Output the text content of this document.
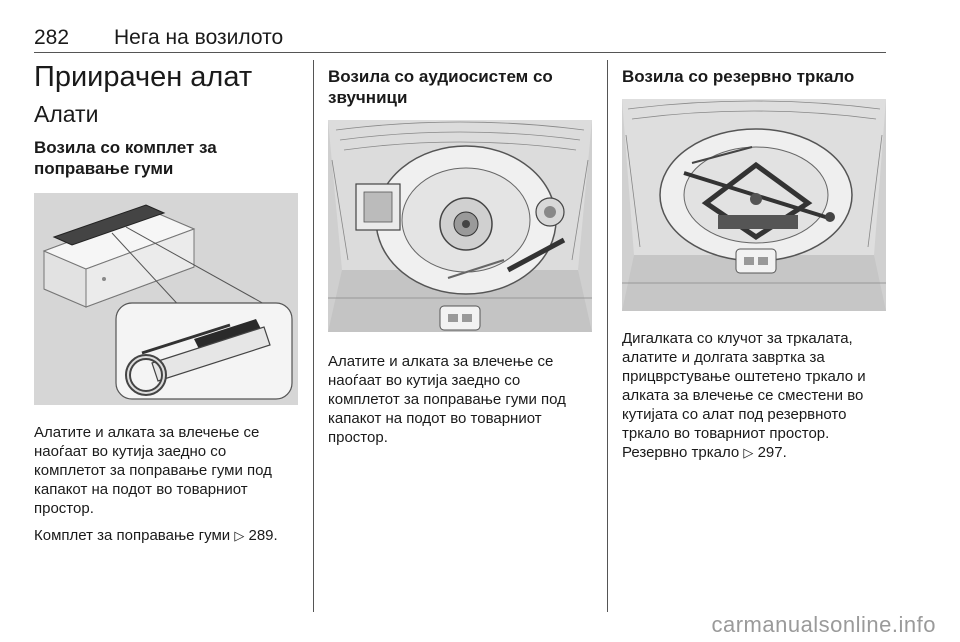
282 Нега на возилото
Приирачен алат
Алати
Возила со комплет за поправање гуми

Алатите и алката за влечење се наоѓаат во кутија заедно со комплетот за поправање гуми под капакот на подот во товарниот простор.

Комплет за поправање гуми ▷ 289.

Возила со аудиосистем со звучници

Алатите и алката за влечење се наоѓаат во кутија заедно со комплетот за поправање гуми под капакот на подот во товарниот простор.

Возила со резервно тркало

Дигалката со клучот за тркалата, алатите и долгата завртка за прицврстување оштетено тркало и алката за влечење се сместени во кутијата со алат под резервното тркало во товарниот простор.

Резервно тркало ▷ 297.

carmanualsonline.info
